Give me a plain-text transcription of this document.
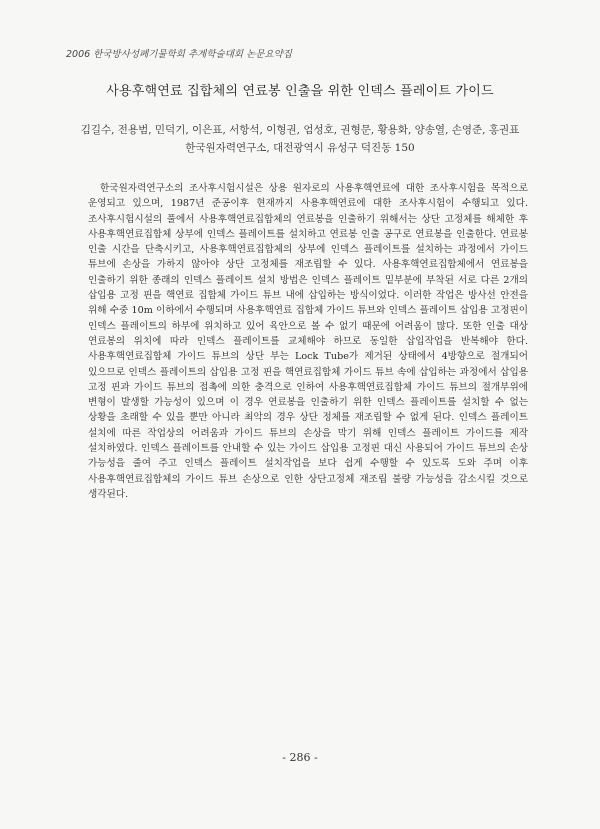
2006 한국방사성폐기물학회 추계학술대회 논문요약집
사용후핵연료 집합체의 연료봉 인출을 위한 인덱스 플레이트 가이드
김길수, 전용범, 민덕기, 이은표, 서항석, 이형권, 엄성호, 권형문, 황용화, 양송열, 손영준, 홍권표
한국원자력연구소, 대전광역시 유성구 덕진동 150
한국원자력연구소의 조사후시험시설은 상용 원자로의 사용후핵연료에 대한 조사후시험을 목적으로 운영되고 있으며, 1987년 준공이후 현재까지 사용후핵연료에 대한 조사후시험이 수행되고 있다. 조사후시험시설의 풀에서 사용후핵연료집합체의 연료봉을 인출하기 위해서는 상단 고정체를 해체한 후 사용후핵연료집합체 상부에 인덱스 플레이트를 설치하고 연료봉 인출 공구로 연료봉을 인출한다. 연료봉 인출 시간을 단축시키고, 사용후핵연료집합체의 상부에 인덱스 플레이트를 설치하는 과정에서 가이드 튜브에 손상을 가하지 않아야 상단 고정체를 재조립할 수 있다. 사용후핵연료집합체에서 연료봉을 인출하기 위한 종래의 인덱스 플레이트 설치 방법은 인덱스 플레이트 밑부분에 부착된 서로 다른 2개의 삽입용 고정 핀을 핵연료 집합체 가이드 튜브 내에 삽입하는 방식이었다. 이러한 작업은 방사선 안전을 위해 수중 10m 이하에서 수행되며 사용후핵연료 집합체 가이드 튜브와 인덱스 플레이트 삽입용 고정핀이 인덱스 플레이트의 하부에 위치하고 있어 육안으로 볼 수 없기 때문에 어려움이 많다. 또한 인출 대상 연료봉의 위치에 따라 인덱스 플레이트를 교체해야 하므로 동일한 삽입작업을 반복해야 한다. 사용후핵연료집합체 가이드 튜브의 상단 부는 Lock Tube가 제거된 상태에서 4방향으로 절개되어 있으므로 인덱스 플레이트의 삽입용 고정 핀을 핵연료집합체 가이드 튜브 속에 삽입하는 과정에서 삽입용 고정 핀과 가이드 튜브의 접촉에 의한 충격으로 인하여 사용후핵연료집합체 가이드 튜브의 절개부위에 변형이 발생할 가능성이 있으며 이 경우 연료봉을 인출하기 위한 인덱스 플레이트를 설치할 수 없는 상황을 초래할 수 있을 뿐만 아니라 최악의 경우 상단 정체를 재조립할 수 없게 된다. 인덱스 플레이트 설치에 따른 작업상의 어려움과 가이드 튜브의 손상을 막기 위해 인덱스 플레이트 가이드를 제작 설치하였다. 인덱스 플레이트를 안내할 수 있는 가이드 삽입용 고정핀 대신 사용되어 가이드 튜브의 손상 가능성을 줄여 주고 인덱스 플레이트 설치작업을 보다 쉽게 수행할 수 있도록 도와 주며 이후 사용후핵연료집합체의 가이드 튜브 손상으로 인한 상단고정체 재조립 불량 가능성을 감소시킬 것으로 생각된다.
- 286 -
